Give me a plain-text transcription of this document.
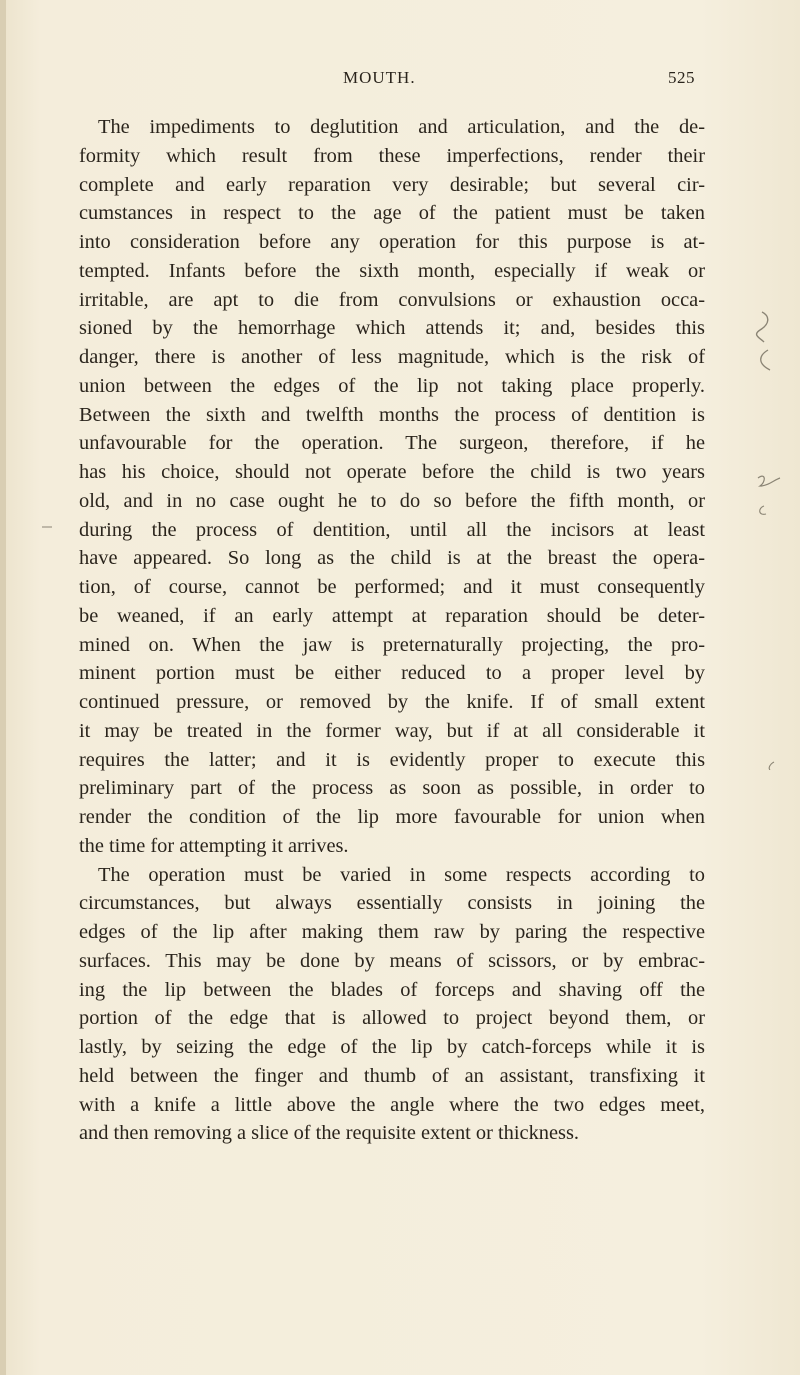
MOUTH.	525
The impediments to deglutition and articulation, and the de-
formity which result from these imperfections, render their
complete and early reparation very desirable; but several cir-
cumstances in respect to the age of the patient must be taken
into consideration before any operation for this purpose is at-
tempted. Infants before the sixth month, especially if weak or
irritable, are apt to die from convulsions or exhaustion occa-
sioned by the hemorrhage which attends it; and, besides this
danger, there is another of less magnitude, which is the risk of
union between the edges of the lip not taking place properly.
Between the sixth and twelfth months the process of dentition is
unfavourable for the operation. The surgeon, therefore, if he
has his choice, should not operate before the child is two years
old, and in no case ought he to do so before the fifth month, or
during the process of dentition, until all the incisors at least
have appeared. So long as the child is at the breast the opera-
tion, of course, cannot be performed; and it must consequently
be weaned, if an early attempt at reparation should be deter-
mined on. When the jaw is preternaturally projecting, the pro-
minent portion must be either reduced to a proper level by
continued pressure, or removed by the knife. If of small extent
it may be treated in the former way, but if at all considerable it
requires the latter; and it is evidently proper to execute this
preliminary part of the process as soon as possible, in order to
render the condition of the lip more favourable for union when
the time for attempting it arrives.
The operation must be varied in some respects according to
circumstances, but always essentially consists in joining the
edges of the lip after making them raw by paring the respective
surfaces. This may be done by means of scissors, or by embrac-
ing the lip between the blades of forceps and shaving off the
portion of the edge that is allowed to project beyond them, or
lastly, by seizing the edge of the lip by catch-forceps while it is
held between the finger and thumb of an assistant, transfixing it
with a knife a little above the angle where the two edges meet,
and then removing a slice of the requisite extent or thickness.
